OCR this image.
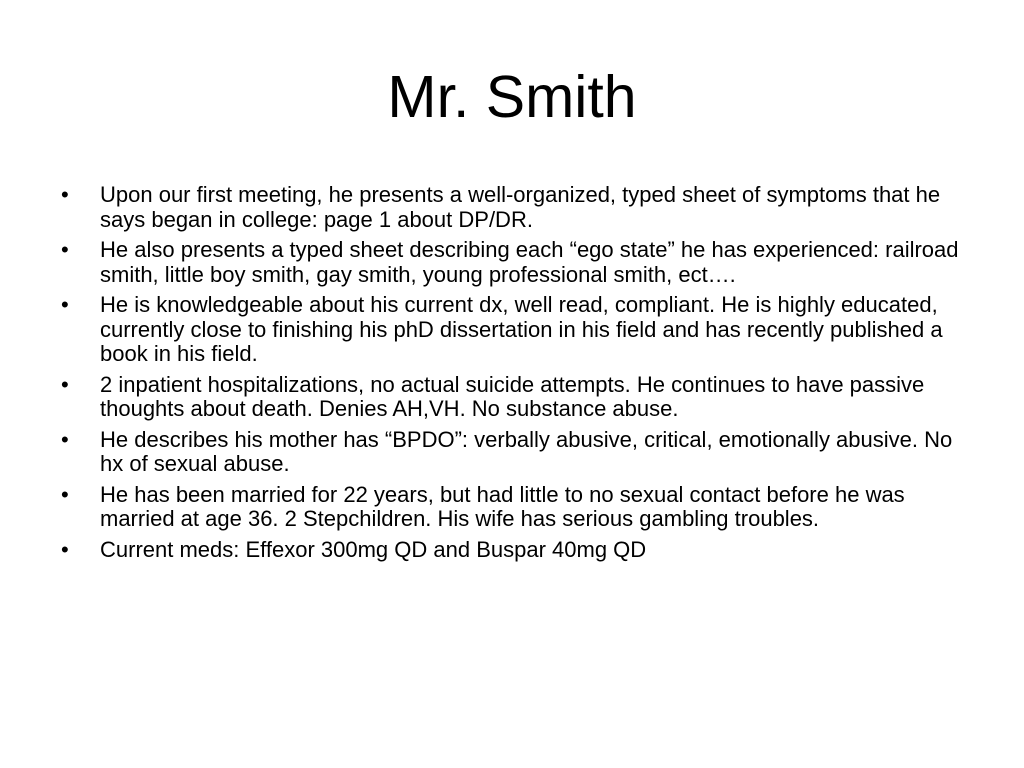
Mr. Smith
•	Upon our first meeting, he presents a well-organized, typed sheet of symptoms that he says began in college: page 1 about DP/DR.
•	He also presents a typed sheet describing each “ego state” he has experienced: railroad smith, little boy smith, gay smith, young professional smith, ect….
•	He is knowledgeable about his current dx, well read, compliant. He is highly educated, currently close to finishing his phD dissertation in his field and has recently published a book in his field.
•	2 inpatient hospitalizations, no actual suicide attempts. He continues to have passive thoughts about death. Denies AH,VH. No substance abuse.
•	He describes his mother has “BPDO”: verbally abusive, critical, emotionally abusive. No hx of sexual abuse.
•	He has been married for 22 years, but had little to no sexual contact before he was married at age 36. 2 Stepchildren. His wife has serious gambling troubles.
•	Current meds: Effexor 300mg QD and Buspar 40mg QD
